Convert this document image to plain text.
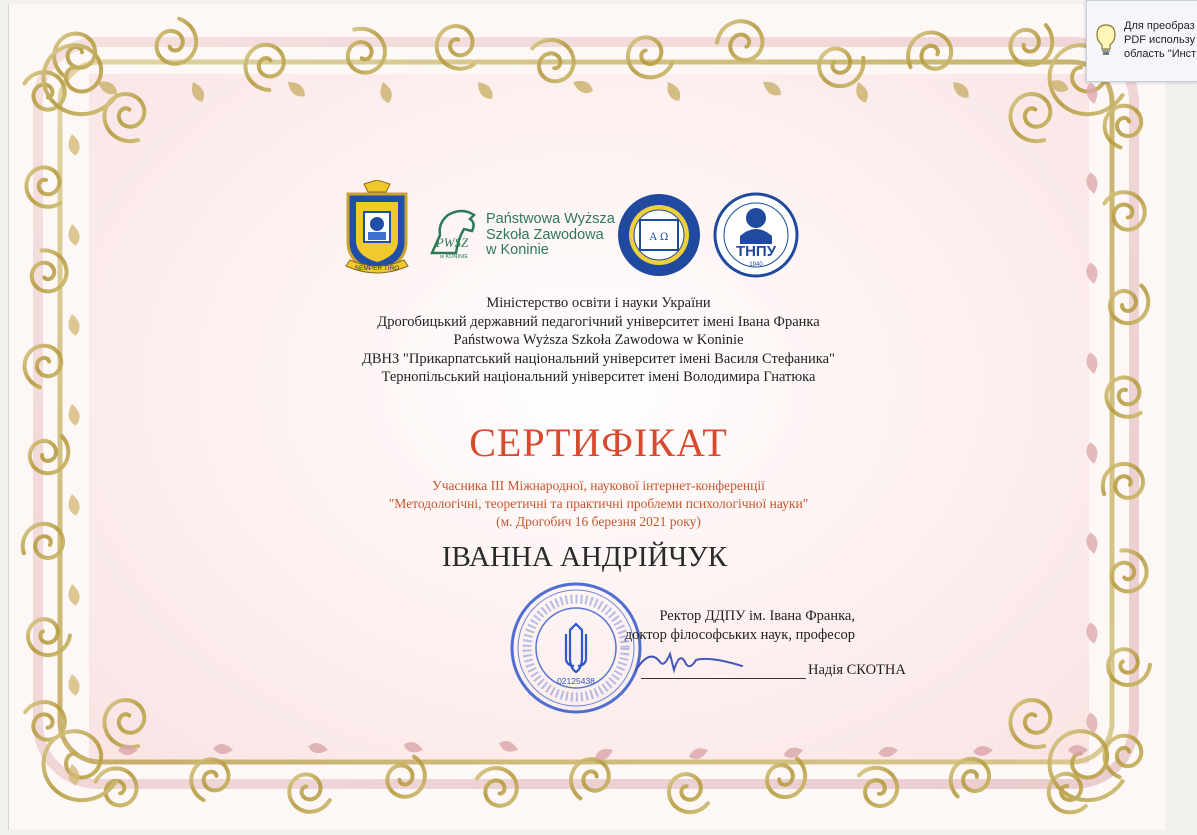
SEMPER TIRO
PWSZ
w KONINIE
Państwowa Wyższa
Szkoła Zawodowa
w Koninie
Α Ω
ТНПУ
1940
Міністерство освіти і науки України
Дрогобицький державний педагогічний університет імені Івана Франка
Państwowa Wyższa Szkoła Zawodowa w Koninie
ДВНЗ "Прикарпатський національний університет імені Василя Стефаника"
Тернопільський національний університет імені Володимира Гнатюка
СЕРТИФІКАТ
Учасника ІІІ Міжнародної, наукової інтернет-конференції
"Методологічні, теоретичні та практичні проблеми психологічної науки"
(м. Дрогобич 16 березня 2021 року)
ІВАННА АНДРІЙЧУК
02125438
Ректор ДДПУ ім. Івана Франка,
доктор філософських наук, професор
Надія СКОТНА
Для преобраз
PDF использу
область "Инст
